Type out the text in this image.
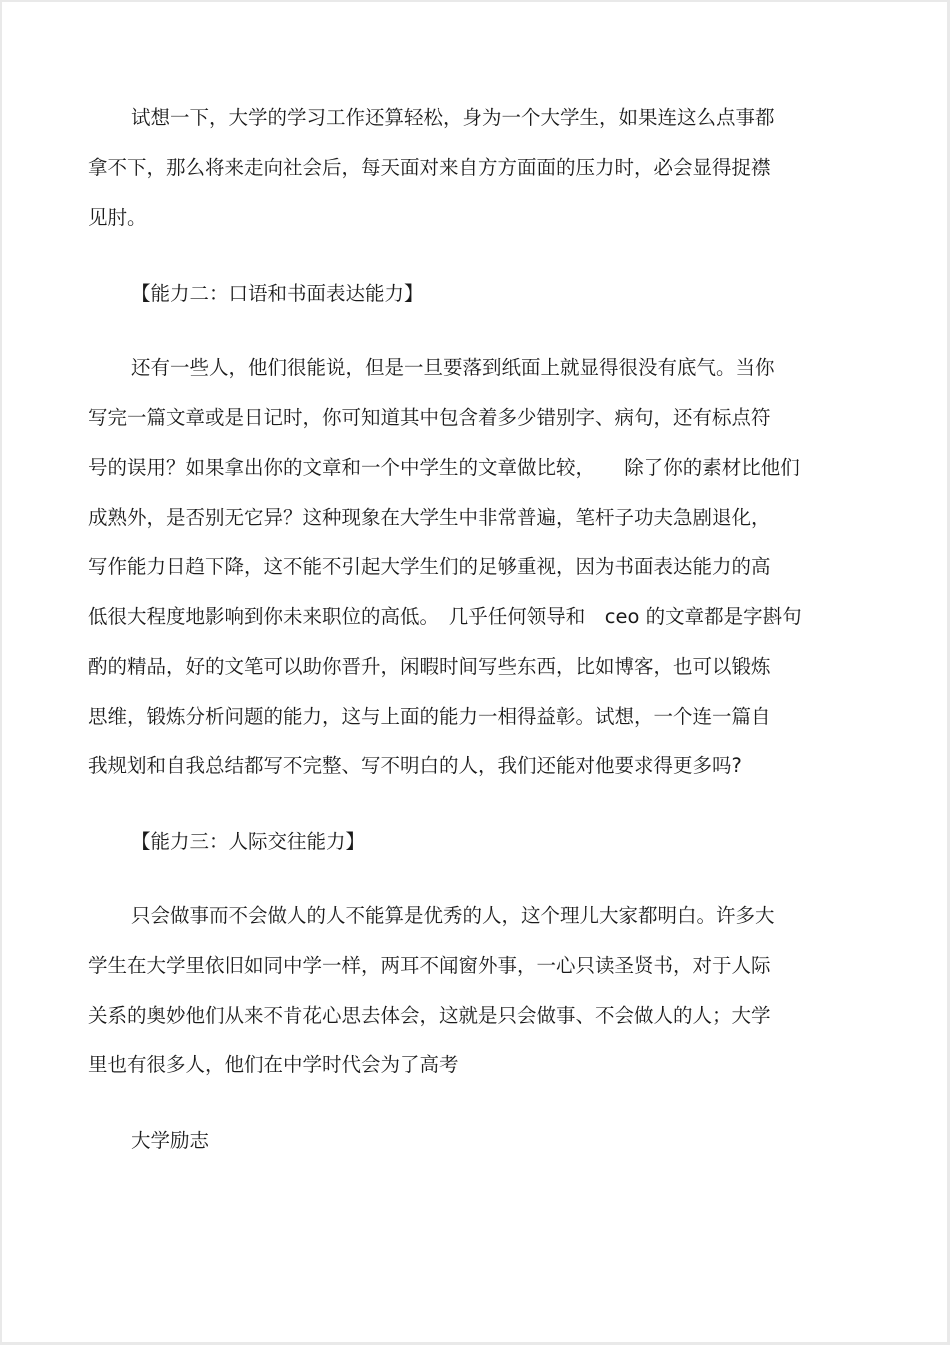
试想一下，大学的学习工作还算轻松，身为一个大学生，如果连这么点事都
拿不下，那么将来走向社会后，每天面对来自方方面面的压力时，必会显得捉襟
见肘。
【能力二：口语和书面表达能力】
还有一些人，他们很能说，但是一旦要落到纸面上就显得很没有底气。当你
写完一篇文章或是日记时，你可知道其中包含着多少错别字、病句，还有标点符
号的误用？如果拿出你的文章和一个中学生的文章做比较，　　除了你的素材比他们
成熟外，是否别无它异？这种现象在大学生中非常普遍，笔杆子功夫急剧退化，
写作能力日趋下降，这不能不引起大学生们的足够重视，因为书面表达能力的高
低很大程度地影响到你未来职位的高低。　几乎任何领导和　ceo 的文章都是字斟句
酌的精品，好的文笔可以助你晋升，闲暇时间写些东西，比如博客，也可以锻炼
思维，锻炼分析问题的能力，这与上面的能力一相得益彰。试想，一个连一篇自
我规划和自我总结都写不完整、写不明白的人，我们还能对他要求得更多吗?
【能力三：人际交往能力】
只会做事而不会做人的人不能算是优秀的人，这个理儿大家都明白。许多大
学生在大学里依旧如同中学一样，两耳不闻窗外事，一心只读圣贤书，对于人际
关系的奥妙他们从来不肯花心思去体会，这就是只会做事、不会做人的人；大学
里也有很多人，他们在中学时代会为了高考
大学励志
